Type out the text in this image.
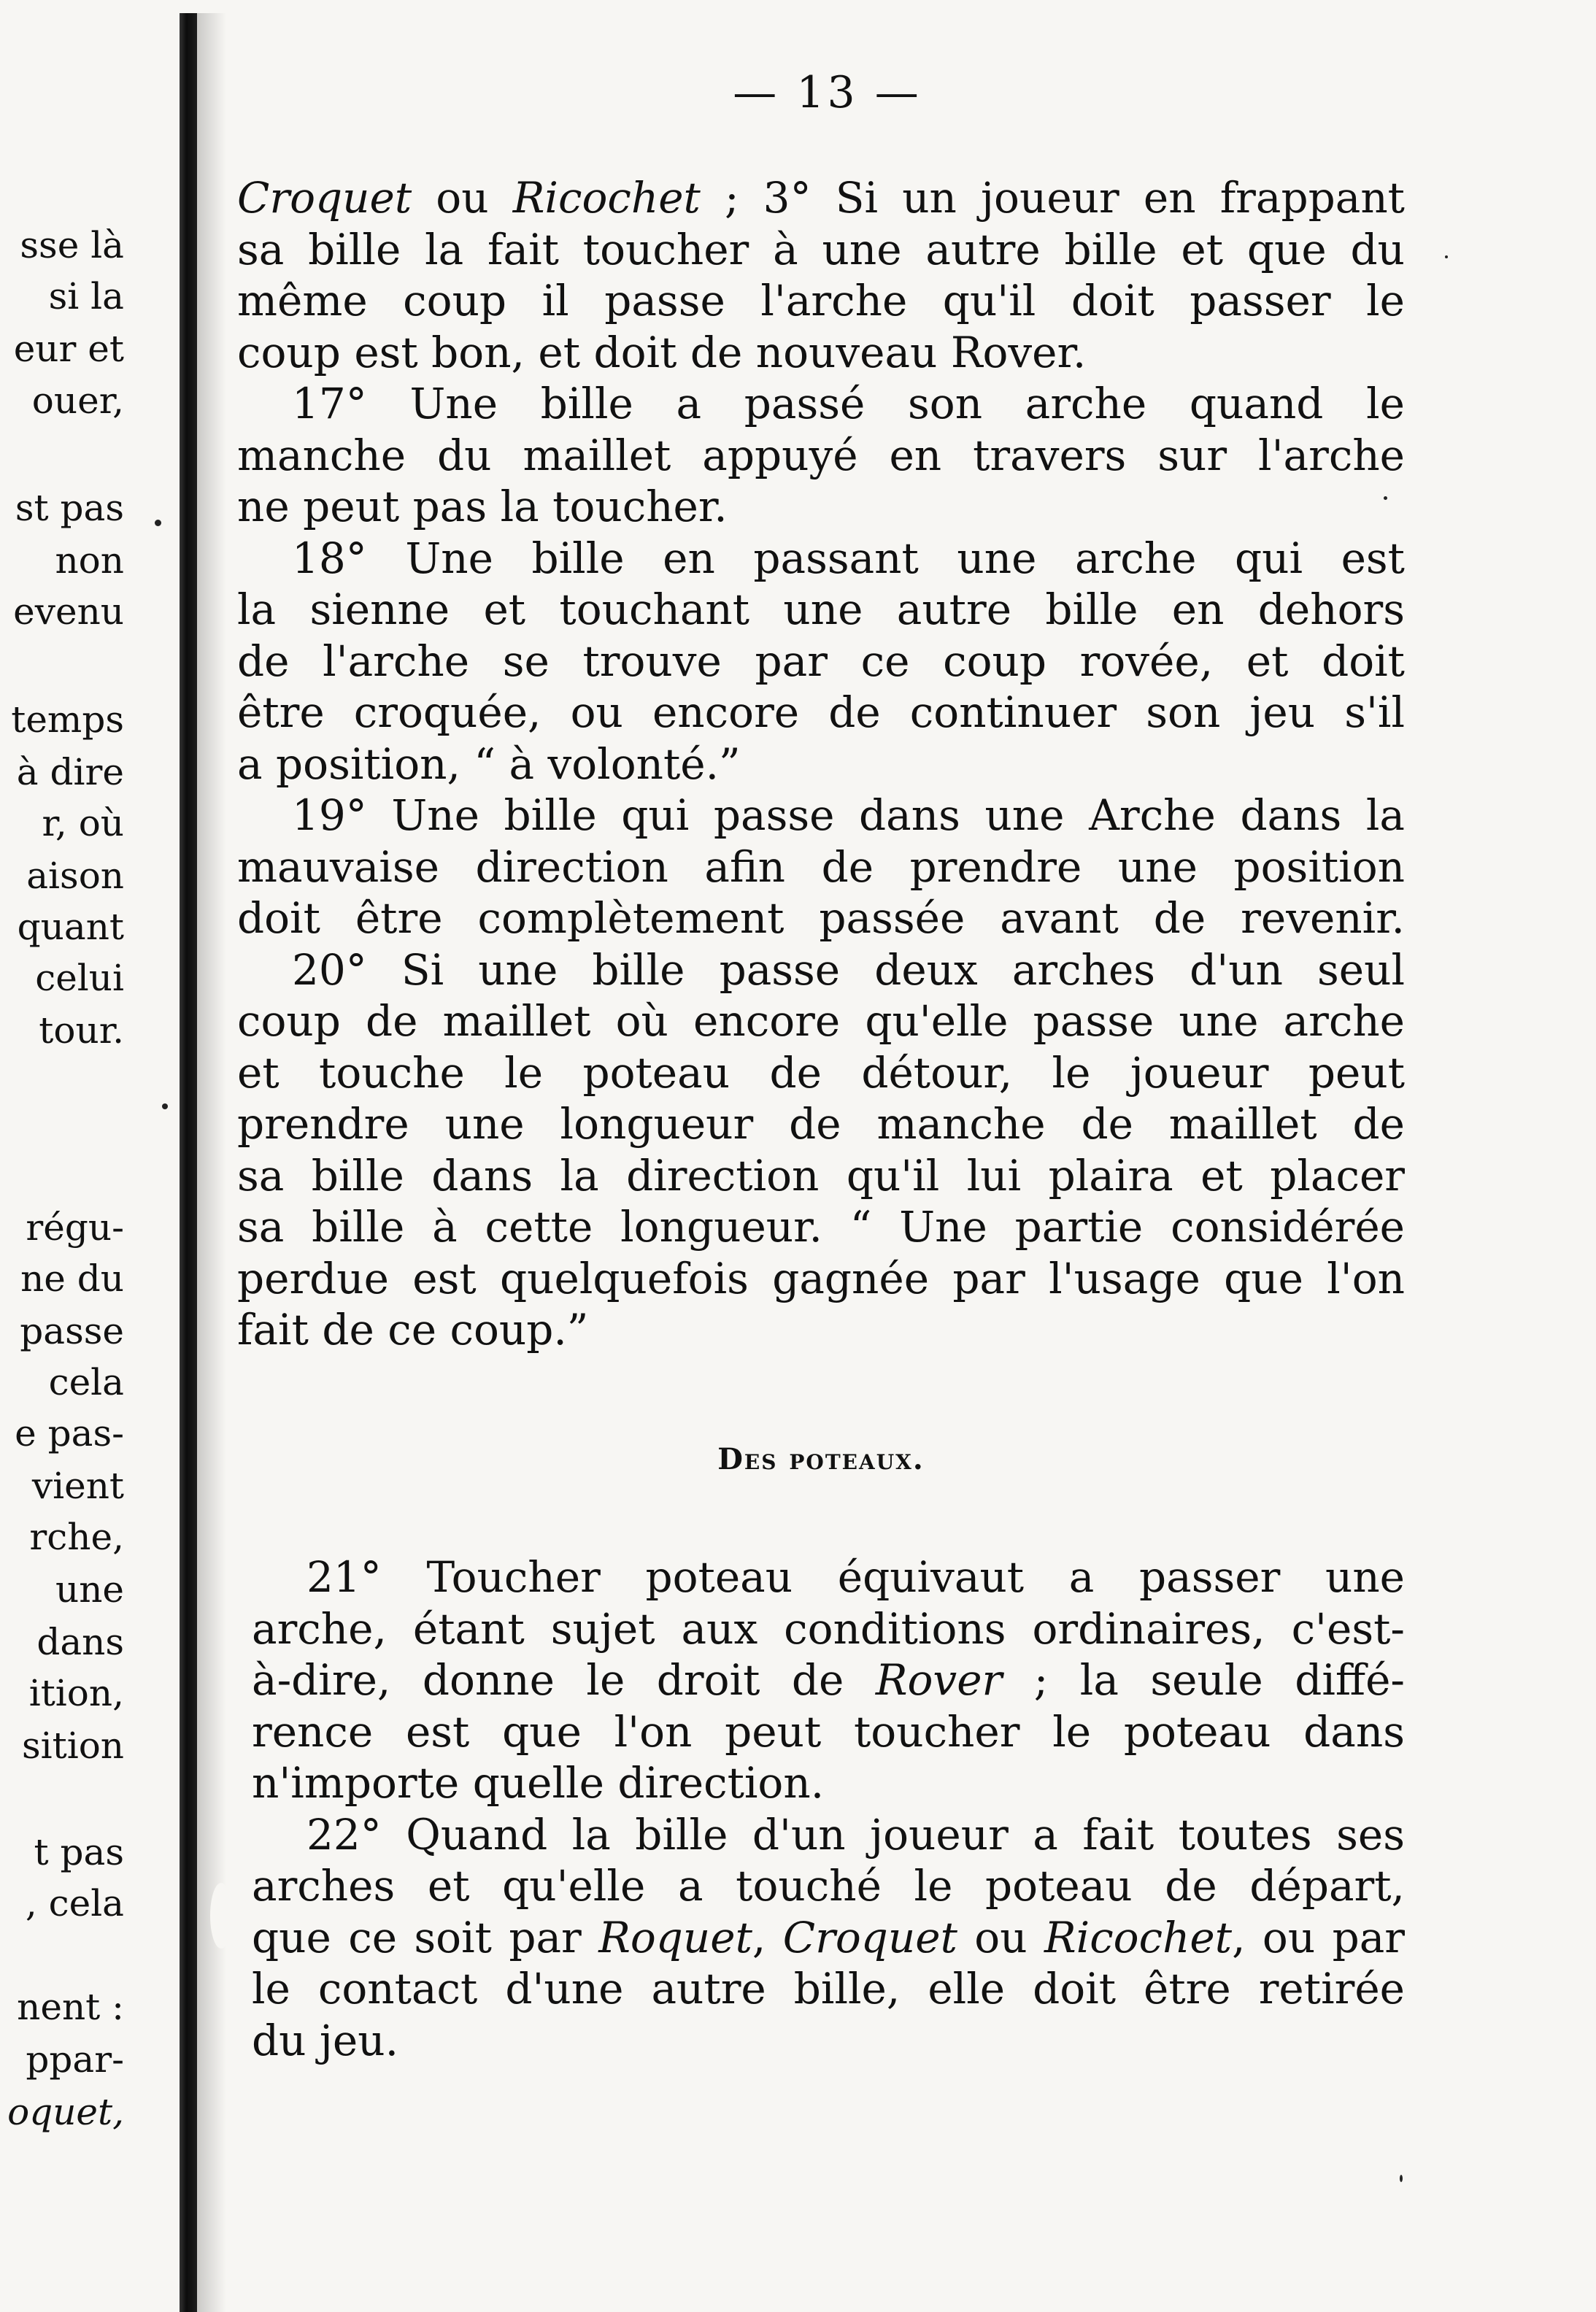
sse là
si la
eur et
ouer,
st pas
non
evenu
temps
à dire
r, où
aison
quant
celui
tour.
régu-
ne du
passe
cela
e pas-
vient
rche,
une
dans
ition,
sition
t pas
, cela
nent :
ppar-
oquet,
— 13 —
Croquet ou Ricochet ; 3° Si un joueur en frappant
sa bille la fait toucher à une autre bille et que du
même coup il passe l'arche qu'il doit passer le
coup est bon, et doit de nouveau Rover.
17° Une bille a passé son arche quand le
manche du maillet appuyé en travers sur l'arche
ne peut pas la toucher.
18° Une bille en passant une arche qui est
la sienne et touchant une autre bille en dehors
de l'arche se trouve par ce coup rovée, et doit
être croquée, ou encore de continuer son jeu s'il
a position, “ à volonté.”
19° Une bille qui passe dans une Arche dans la
mauvaise direction afin de prendre une position
doit être complètement passée avant de revenir.
20° Si une bille passe deux arches d'un seul
coup de maillet où encore qu'elle passe une arche
et touche le poteau de détour, le joueur peut
prendre une longueur de manche de maillet de
sa bille dans la direction qu'il lui plaira et placer
sa bille à cette longueur. “ Une partie considérée
perdue est quelquefois gagnée par l'usage que l'on
fait de ce coup.”
Des poteaux.
21° Toucher poteau équivaut a passer une
arche, étant sujet aux conditions ordinaires, c'est-
à-dire, donne le droit de Rover ; la seule diffé-
rence est que l'on peut toucher le poteau dans
n'importe quelle direction.
22° Quand la bille d'un joueur a fait toutes ses
arches et qu'elle a touché le poteau de départ,
que ce soit par Roquet, Croquet ou Ricochet, ou par
le contact d'une autre bille, elle doit être retirée
du jeu.
